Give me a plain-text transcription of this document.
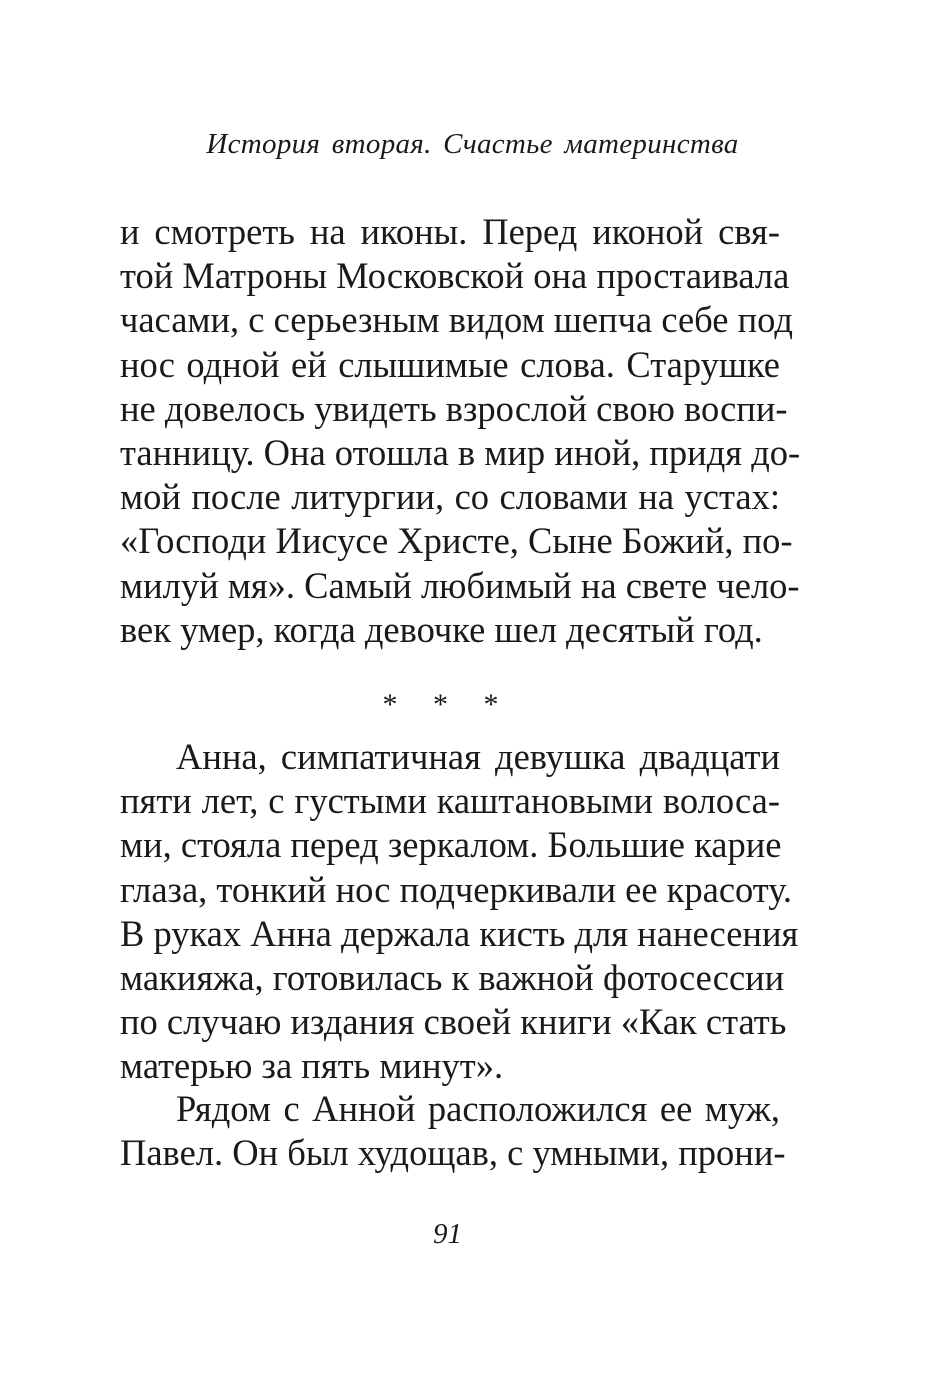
История вторая. Счастье материнства
и смотреть на иконы. Перед иконой свя-
той Матроны Московской она простаивала
часами, с серьезным видом шепча себе под
нос одной ей слышимые слова. Старушке
не довелось увидеть взрослой свою воспи-
танницу. Она отошла в мир иной, придя до-
мой после литургии, со словами на устах:
«Господи Иисусе Христе, Сыне Божий, по-
милуй мя». Самый любимый на свете чело-
век умер, когда девочке шел десятый год.
* * *
Анна, симпатичная девушка двадцати
пяти лет, с густыми каштановыми волоса-
ми, стояла перед зеркалом. Большие карие
глаза, тонкий нос подчеркивали ее красоту.
В руках Анна держала кисть для нанесения
макияжа, готовилась к важной фотосессии
по случаю издания своей книги «Как стать
матерью за пять минут».
Рядом с Анной расположился ее муж,
Павел. Он был худощав, с умными, прони-
91
